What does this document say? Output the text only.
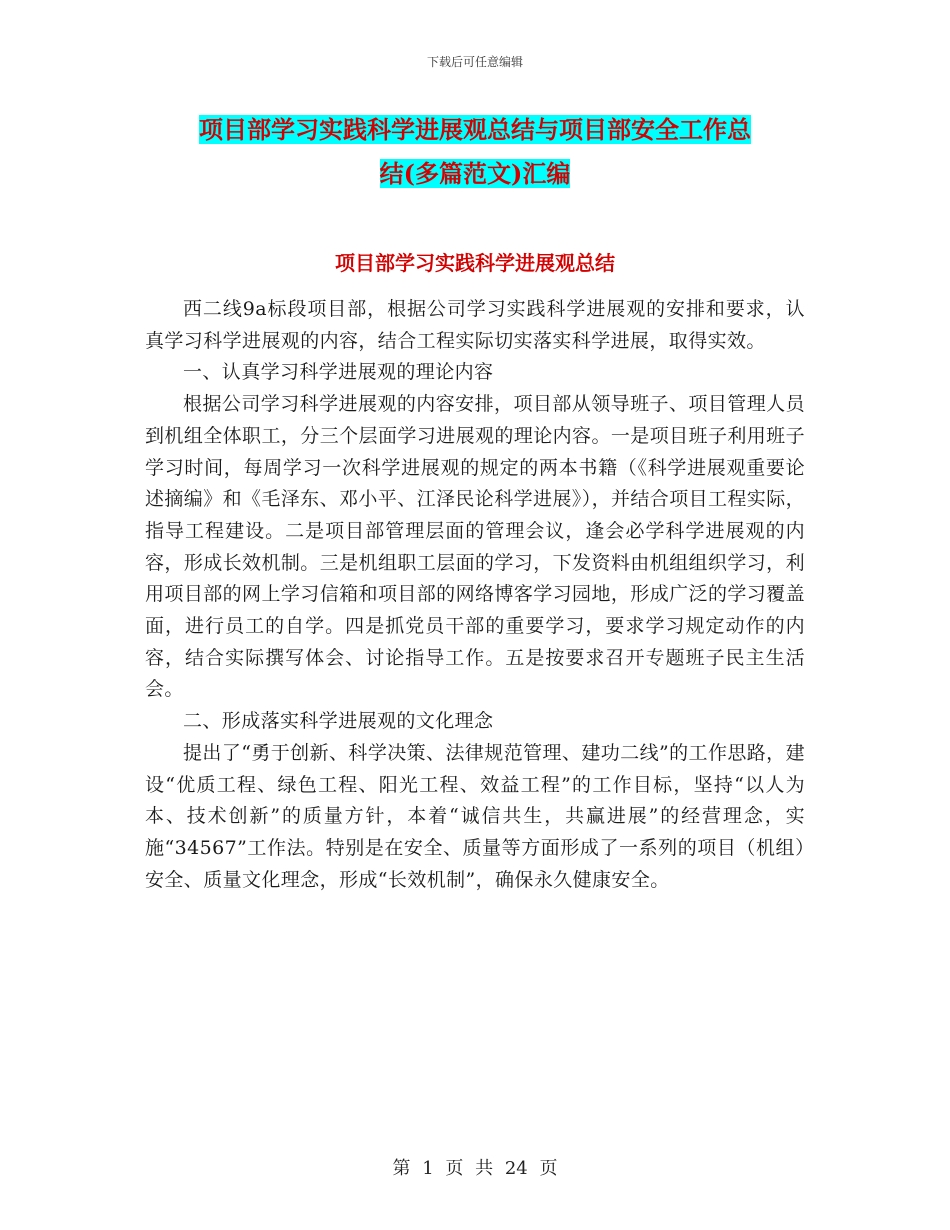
下载后可任意编辑
项目部学习实践科学进展观总结与项目部安全工作总
结(多篇范文)汇编
项目部学习实践科学进展观总结

西二线9a标段项目部，根据公司学习实践科学进展观的安排和要求，认真学习科学进展观的内容，结合工程实际切实落实科学进展，取得实效。

一、认真学习科学进展观的理论内容

根据公司学习科学进展观的内容安排，项目部从领导班子、项目管理人员到机组全体职工，分三个层面学习进展观的理论内容。一是项目班子利用班子学习时间，每周学习一次科学进展观的规定的两本书籍（《科学进展观重要论述摘编》和《毛泽东、邓小平、江泽民论科学进展》），并结合项目工程实际，指导工程建设。二是项目部管理层面的管理会议，逢会必学科学进展观的内容，形成长效机制。三是机组职工层面的学习，下发资料由机组组织学习，利用项目部的网上学习信箱和项目部的网络博客学习园地，形成广泛的学习覆盖面，进行员工的自学。四是抓党员干部的重要学习，要求学习规定动作的内容，结合实际撰写体会、讨论指导工作。五是按要求召开专题班子民主生活会。

二、形成落实科学进展观的文化理念

提出了“勇于创新、科学决策、法律规范管理、建功二线”的工作思路，建设“优质工程、绿色工程、阳光工程、效益工程”的工作目标，坚持“以人为本、技术创新”的质量方针，本着“诚信共生，共赢进展”的经营理念，实施“34567”工作法。特别是在安全、质量等方面形成了一系列的项目（机组）安全、质量文化理念，形成“长效机制”，确保永久健康安全。

第 1 页 共 24 页
